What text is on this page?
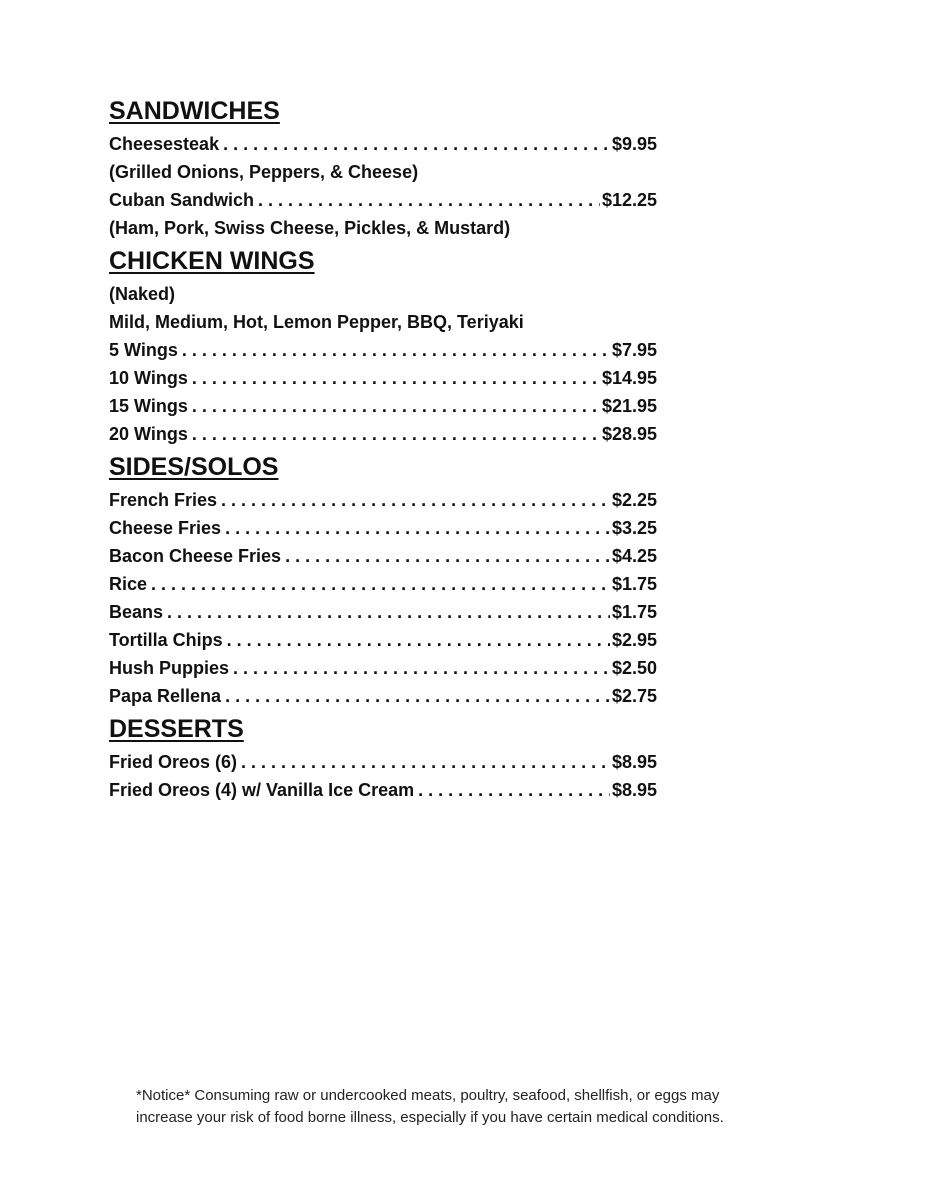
SANDWICHES
Cheesesteak . . .	$9.95
(Grilled Onions, Peppers, & Cheese)
Cuban Sandwich . . .	$12.25
(Ham, Pork, Swiss Cheese, Pickles, & Mustard)
CHICKEN WINGS
(Naked)
Mild, Medium, Hot, Lemon Pepper, BBQ, Teriyaki
5 Wings . . .	$7.95
10 Wings . . .	$14.95
15 Wings . . .	$21.95
20 Wings . . .	$28.95
SIDES/SOLOS
French Fries . . .	$2.25
Cheese Fries . . .	$3.25
Bacon Cheese Fries . . .	$4.25
Rice . . .	$1.75
Beans . . .	$1.75
Tortilla Chips . . .	$2.95
Hush Puppies . . .	$2.50
Papa Rellena . . .	$2.75
DESSERTS
Fried Oreos (6) . . .	$8.95
Fried Oreos (4) w/ Vanilla Ice Cream . . .	$8.95
*Notice* Consuming raw or undercooked meats, poultry, seafood, shellfish, or eggs may
increase your risk of food borne illness, especially if you have certain medical conditions.
